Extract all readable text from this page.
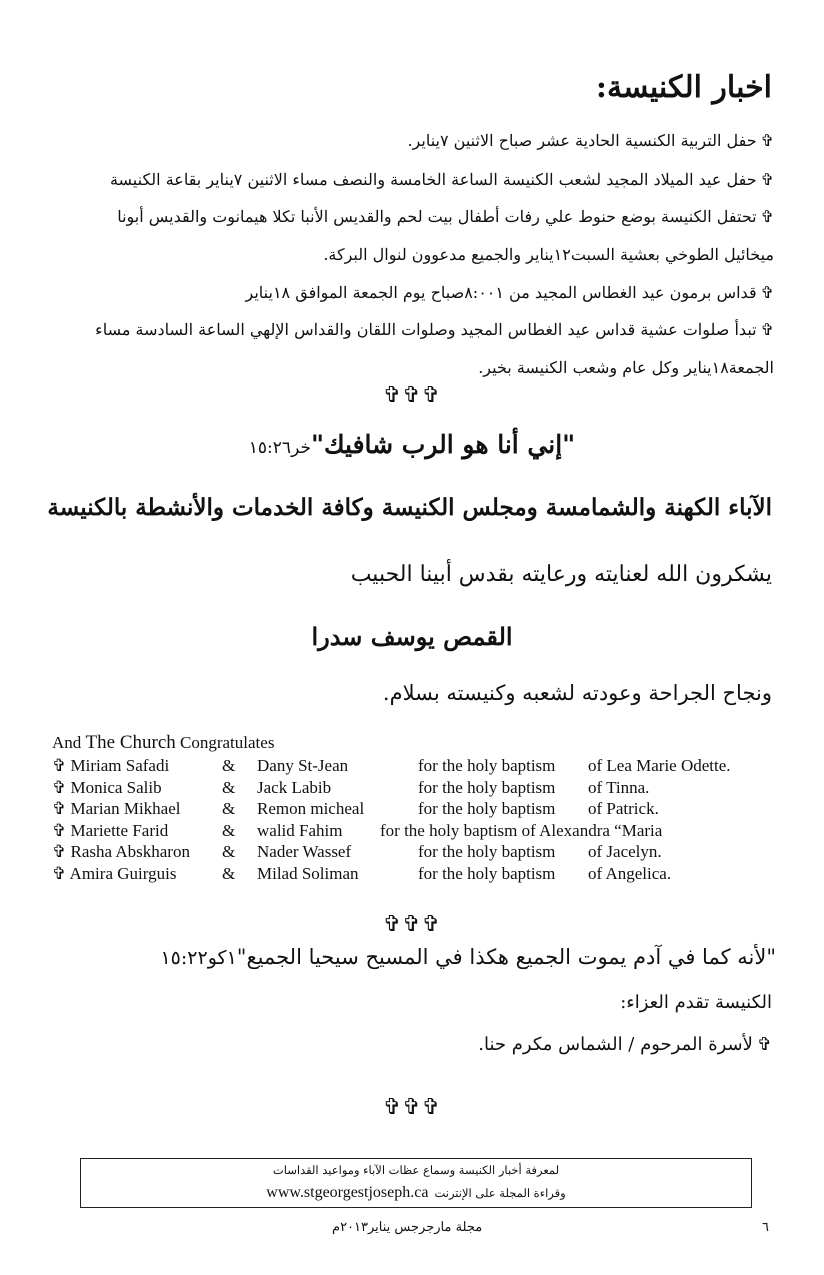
اخبار الكنيسة:
✞حفل التربية الكنسية الحادية عشر صباح الاثنين ٧يناير.
✞حفل عيد الميلاد المجيد لشعب الكنيسة الساعة الخامسة والنصف مساء الاثنين ٧يناير بقاعة الكنيسة
✞تحتفل الكنيسة بوضع حنوط علي رفات أطفال بيت لحم والقديس الأنبا تكلا هيمانوت والقديس أبونا
ميخائيل الطوخي بعشية السبت١٢يناير والجميع مدعوون لنوال البركة.
✞قداس برمون عيد الغطاس المجيد من ٨:٠٠١صباح يوم الجمعة الموافق ١٨يناير
✞تبدأ صلوات عشية قداس عيد الغطاس المجيد وصلوات اللقان والقداس الإلهي الساعة السادسة مساء
الجمعة١٨يناير وكل عام وشعب الكنيسة بخير.
✞✞✞
"إني أنا هو الرب شافيك"خر١٥:٢٦
الآباء الكهنة والشمامسة ومجلس الكنيسة وكافة الخدمات والأنشطة بالكنيسة
يشكرون الله لعنايته ورعايته بقدس أبينا الحبيب
القمص يوسف سدرا
ونجاح الجراحة وعودته لشعبه وكنيسته بسلام.
And The Church Congratulates
✞ Miriam Safadi	& Dany St-Jean	for the holy baptism of Lea Marie Odette.
✞ Monica Salib	& Jack Labib	for the holy baptism of Tinna.
✞ Marian Mikhael & Remon micheal	for the holy baptism of Patrick.
✞ Mariette Farid	& walid Fahim for the holy baptism of Alexandra “Maria
✞ Rasha Abskharon & Nader Wassef	for the holy baptism of Jacelyn.
✞ Amira Guirguis	& Milad Soliman	for the holy baptism of Angelica.
✞✞✞
"لأنه كما في آدم يموت الجميع هكذا في المسيح سيحيا الجميع"١كو١٥:٢٢
الكنيسة تقدم العزاء:
✞لأسرة المرحوم / الشماس مكرم حنا.
✞✞✞
لمعرفة أخبار الكنيسة وسماع عظات الآباء ومواعيد القداسات
www.stgeorgestjoseph.ca وقراءة المجلة على الإنترنت
مجلة مارجرجس يناير٢٠١٣م	٦
